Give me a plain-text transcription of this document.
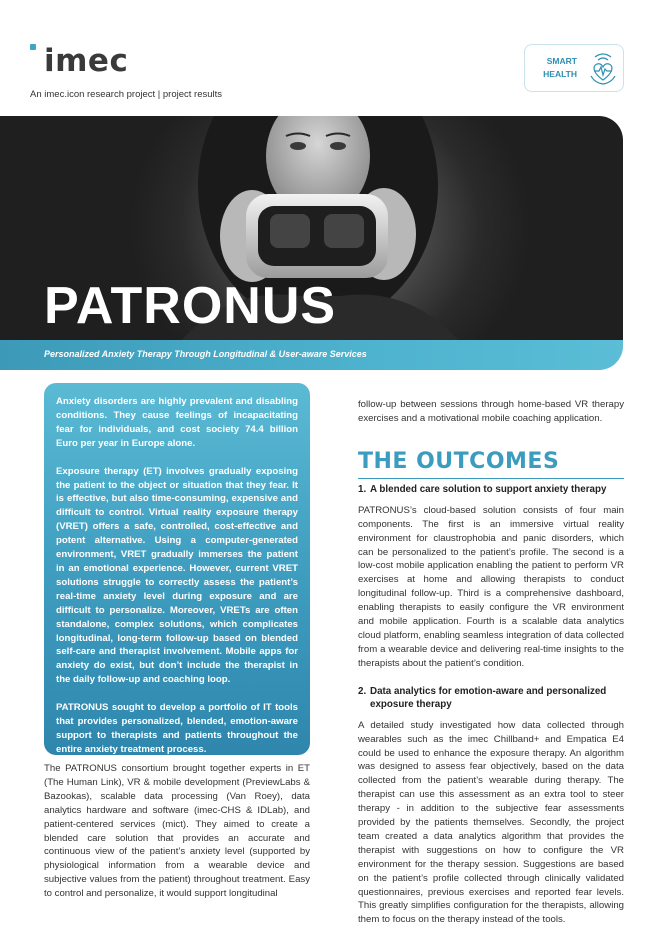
imec
An imec.icon research project | project results
SMART
HEALTH
PATRONUS
Personalized Anxiety Therapy Through Longitudinal & User-aware Services

Anxiety disorders are highly prevalent and disabling conditions. They cause feelings of incapacitating fear for individuals, and cost society 74.4 billion Euro per year in Europe alone.

Exposure therapy (ET) involves gradually exposing the patient to the object or situation that they fear. It is effective, but also time-consuming, expensive and difficult to control. Virtual reality exposure therapy (VRET) offers a safe, controlled, cost-effective and potent alternative. Using a computer-generated environment, VRET gradually immerses the patient in an emotional experience. However, current VRET solutions struggle to correctly assess the patient’s real-time anxiety level during exposure and are difficult to personalize. Moreover, VRETs are often standalone, complex solutions, which complicates longitudinal, long-term follow-up based on blended self-care and therapist involvement. Mobile apps for anxiety do exist, but don’t include the therapist in the daily follow-up and coaching loop.

PATRONUS sought to develop a portfolio of IT tools that provides personalized, blended, emotion-aware support to therapists and patients throughout the entire anxiety treatment process.

The PATRONUS consortium brought together experts in ET (The Human Link), VR & mobile development (PreviewLabs & Bazookas), scalable data processing (Van Roey), data analytics hardware and software (imec-CHS & IDLab), and patient-centered services (mict). They aimed to create a blended care solution that provides an accurate and continuous view of the patient’s anxiety level (supported by physiological information from a wearable device and subjective values from the patient) throughout treatment. Easy to control and personalize, it would support longitudinal

follow-up between sessions through home-based VR therapy exercises and a motivational mobile coaching application.

THE OUTCOMES
1. A blended care solution to support anxiety therapy

PATRONUS’s cloud-based solution consists of four main components. The first is an immersive virtual reality environment for claustrophobia and panic disorders, which can be personalized to the patient’s profile. The second is a low-cost mobile application enabling the patient to perform VR exercises at home and allowing therapists to conduct longitudinal follow-up. Third is a comprehensive dashboard, enabling therapists to easily configure the VR environment and mobile application. Fourth is a scalable data analytics cloud platform, enabling seamless integration of data collected from a wearable device and delivering real-time insights to the therapists about the patient’s condition.

2. Data analytics for emotion-aware and personalized exposure therapy

A detailed study investigated how data collected through wearables such as the imec Chillband+ and Empatica E4 could be used to enhance the exposure therapy. An algorithm was designed to assess fear objectively, based on the data collected from the patient’s wearable during therapy. The therapist can use this assessment as an extra tool to steer therapy - in addition to the subjective fear assessments provided by the patients themselves. Secondly, the project team created a data analytics algorithm that provides the therapist with suggestions on how to configure the VR environment for the therapy session. Suggestions are based on the patient’s profile collected through clinically validated questionnaires, previous exercises and reported fear levels. This greatly simplifies configuration for the therapists, allowing them to focus on the therapy instead of the tools.
